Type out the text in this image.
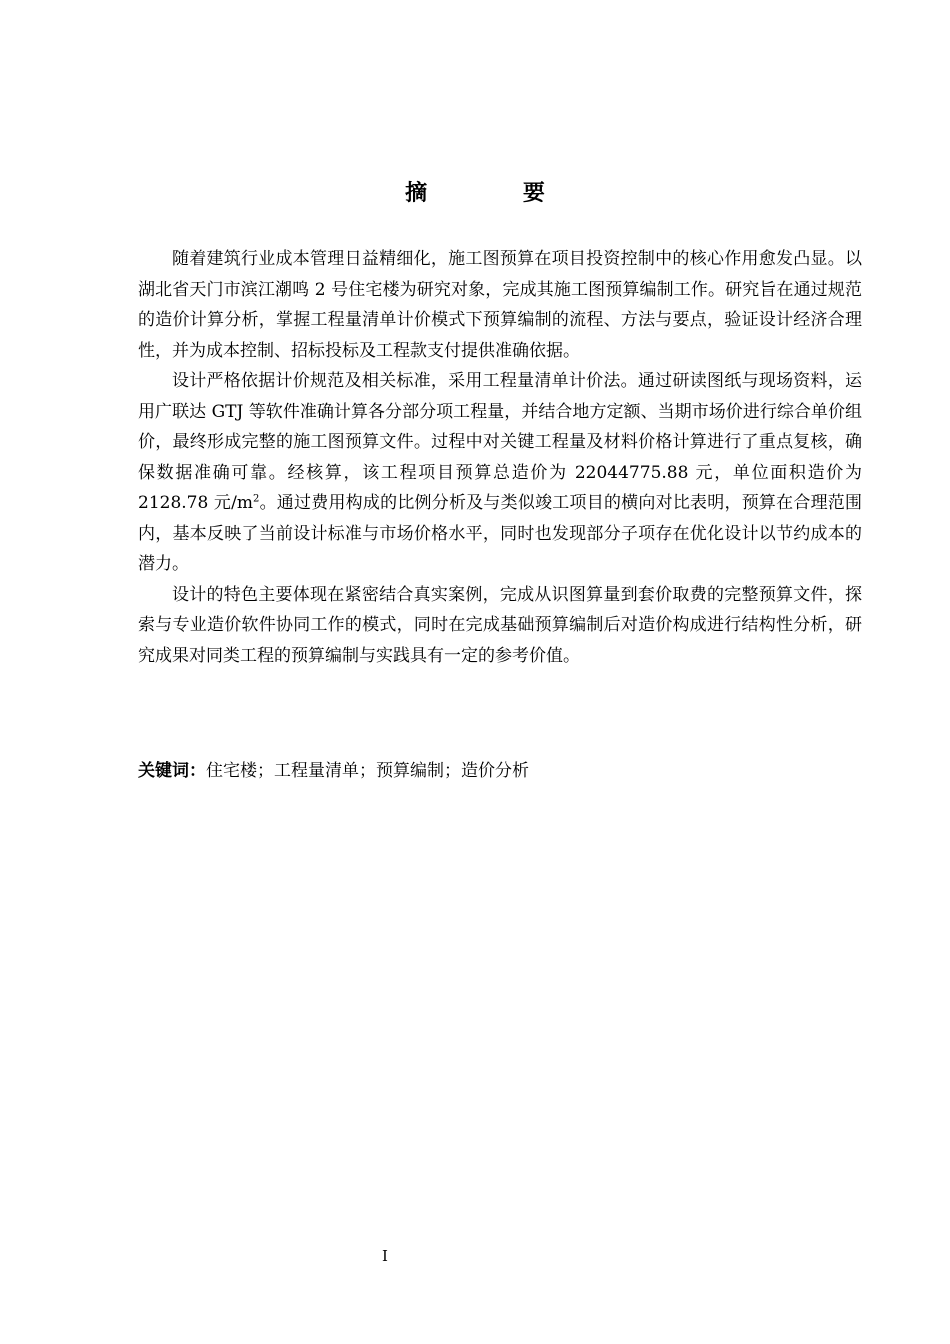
摘 要

随着建筑行业成本管理日益精细化，施工图预算在项目投资控制中的核心作用愈发凸显。以湖北省天门市滨江潮鸣 2 号住宅楼为研究对象，完成其施工图预算编制工作。研究旨在通过规范的造价计算分析，掌握工程量清单计价模式下预算编制的流程、方法与要点，验证设计经济合理性，并为成本控制、招标投标及工程款支付提供准确依据。

设计严格依据计价规范及相关标准，采用工程量清单计价法。通过研读图纸与现场资料，运用广联达 GTJ 等软件准确计算各分部分项工程量，并结合地方定额、当期市场价进行综合单价组价，最终形成完整的施工图预算文件。过程中对关键工程量及材料价格计算进行了重点复核，确保数据准确可靠。经核算，该工程项目预算总造价为 22044775.88 元，单位面积造价为 2128.78 元$/m^2$。通过费用构成的比例分析及与类似竣工项目的横向对比表明，预算在合理范围内，基本反映了当前设计标准与市场价格水平，同时也发现部分子项存在优化设计以节约成本的潜力。

设计的特色主要体现在紧密结合真实案例，完成从识图算量到套价取费的完整预算文件，探索与专业造价软件协同工作的模式，同时在完成基础预算编制后对造价构成进行结构性分析，研究成果对同类工程的预算编制与实践具有一定的参考价值。

关键词：住宅楼；工程量清单；预算编制；造价分析
I
